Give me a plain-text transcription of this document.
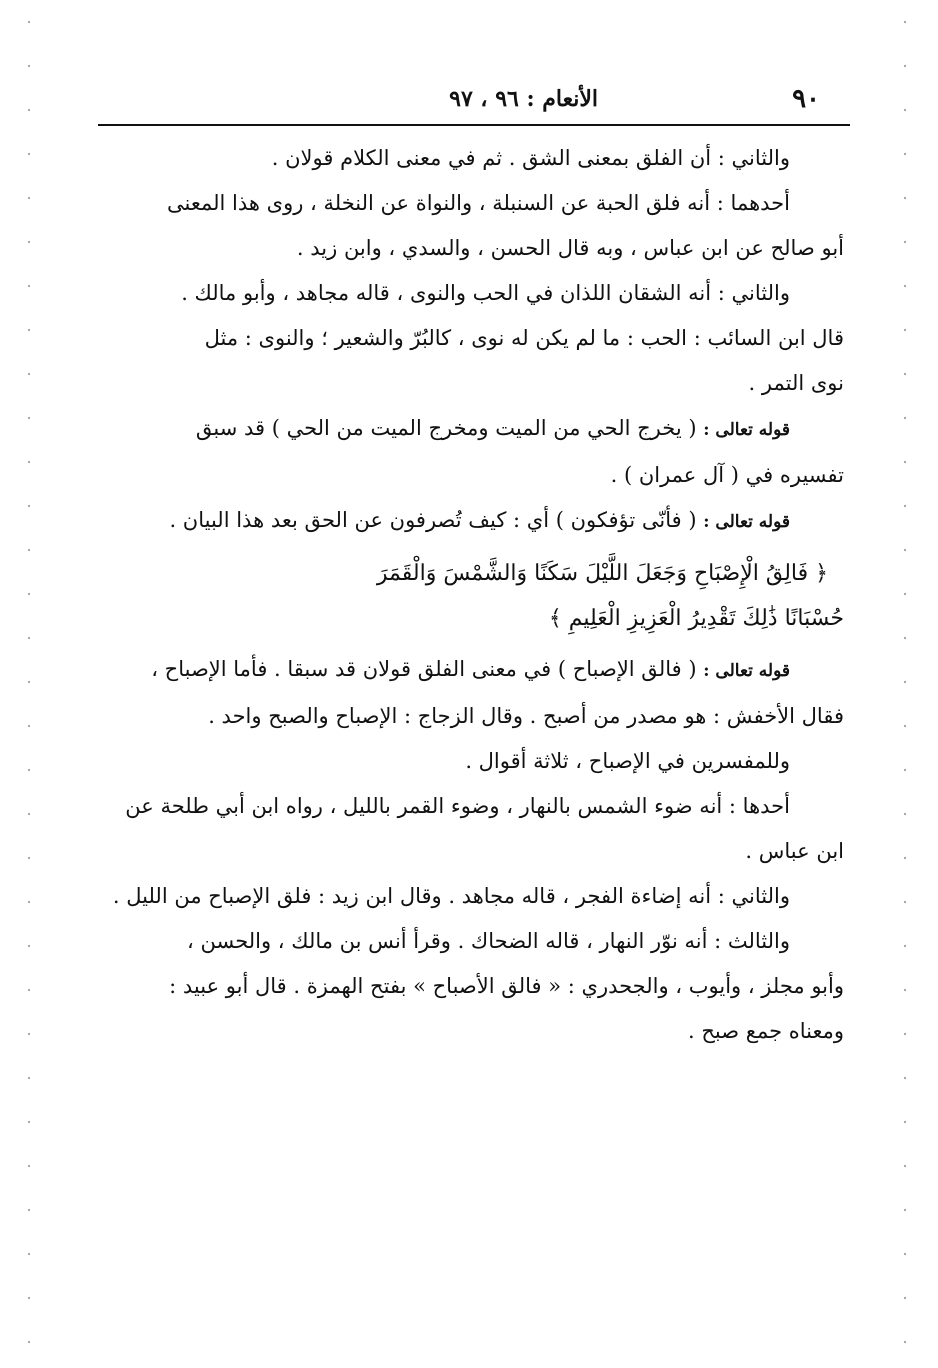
٩٠
الأنعام : ٩٦ ، ٩٧
والثاني : أن الفلق بمعنى الشق . ثم في معنى الكلام قولان .
أحدهما : أنه فلق الحبة عن السنبلة ، والنواة عن النخلة ، روى هذا المعنى
أبو صالح عن ابن عباس ، وبه قال الحسن ، والسدي ، وابن زيد .
والثاني : أنه الشقان اللذان في الحب والنوى ، قاله مجاهد ، وأبو مالك .
قال ابن السائب : الحب : ما لم يكن له نوى ، كالبُرّ والشعير ؛ والنوى : مثل
نوى التمر .
قوله تعالى : ( يخرج الحي من الميت ومخرج الميت من الحي ) قد سبق
تفسيره في ( آل عمران ) .
قوله تعالى : ( فأنّى تؤفكون ) أي : كيف تُصرفون عن الحق بعد هذا البيان .
﴿ فَالِقُ الْإِصْبَاحِ وَجَعَلَ اللَّيْلَ سَكَنًا وَالشَّمْسَ وَالْقَمَرَ
حُسْبَانًا ذَٰلِكَ تَقْدِيرُ الْعَزِيزِ الْعَلِيمِ ﴾
قوله تعالى : ( فالق الإصباح ) في معنى الفلق قولان قد سبقا . فأما الإصباح ،
فقال الأخفش : هو مصدر من أصبح . وقال الزجاج : الإصباح والصبح واحد .
وللمفسرين في الإصباح ، ثلاثة أقوال .
أحدها : أنه ضوء الشمس بالنهار ، وضوء القمر بالليل ، رواه ابن أبي طلحة عن
ابن عباس .
والثاني : أنه إضاءة الفجر ، قاله مجاهد . وقال ابن زيد : فلق الإصباح من الليل .
والثالث : أنه نوّر النهار ، قاله الضحاك . وقرأ أنس بن مالك ، والحسن ،
وأبو مجلز ، وأيوب ، والجحدري : « فالق الأصباح » بفتح الهمزة . قال أبو عبيد :
ومعناه جمع صبح .
